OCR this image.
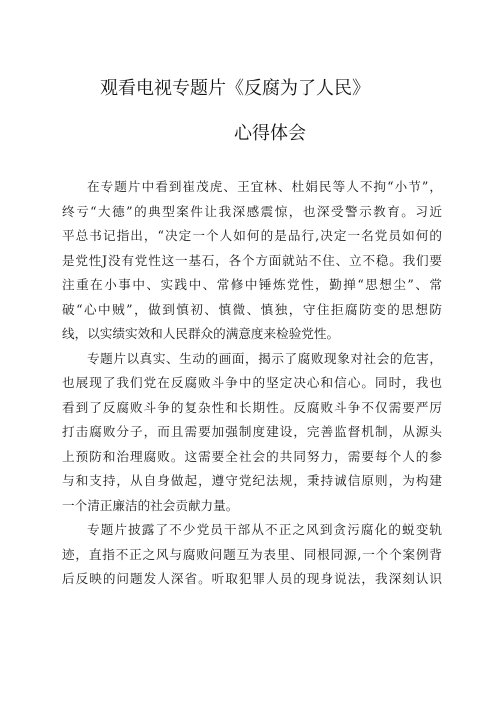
观看电视专题片《反腐为了人民》
心得体会
在专题片中看到崔茂虎、王宜林、杜娟民等人不拘“小节”，
终亏“大德”的典型案件让我深感震惊，也深受警示教育。习近
平总书记指出，“决定一个人如何的是品行,决定一名党员如何的
是党性J没有党性这一基石，各个方面就站不住、立不稳。我们要
注重在小事中、实践中、常修中锤炼党性，勤掸“思想尘”、常
破“心中贼”，做到慎初、慎微、慎独，守住拒腐防变的思想防
线，以实绩实效和人民群众的满意度来检验党性。
专题片以真实、生动的画面，揭示了腐败现象对社会的危害，
也展现了我们党在反腐败斗争中的坚定决心和信心。同时，我也
看到了反腐败斗争的复杂性和长期性。反腐败斗争不仅需要严厉
打击腐败分子，而且需要加强制度建设，完善监督机制，从源头
上预防和治理腐败。这需要全社会的共同努力，需要每个人的参
与和支持，从自身做起，遵守党纪法规，秉持诚信原则，为构建
一个清正廉洁的社会贡献力量。
专题片披露了不少党员干部从不正之风到贪污腐化的蜕变轨
迹，直指不正之风与腐败问题互为表里、同根同源,一个个案例背
后反映的问题发人深省。听取犯罪人员的现身说法，我深刻认识
